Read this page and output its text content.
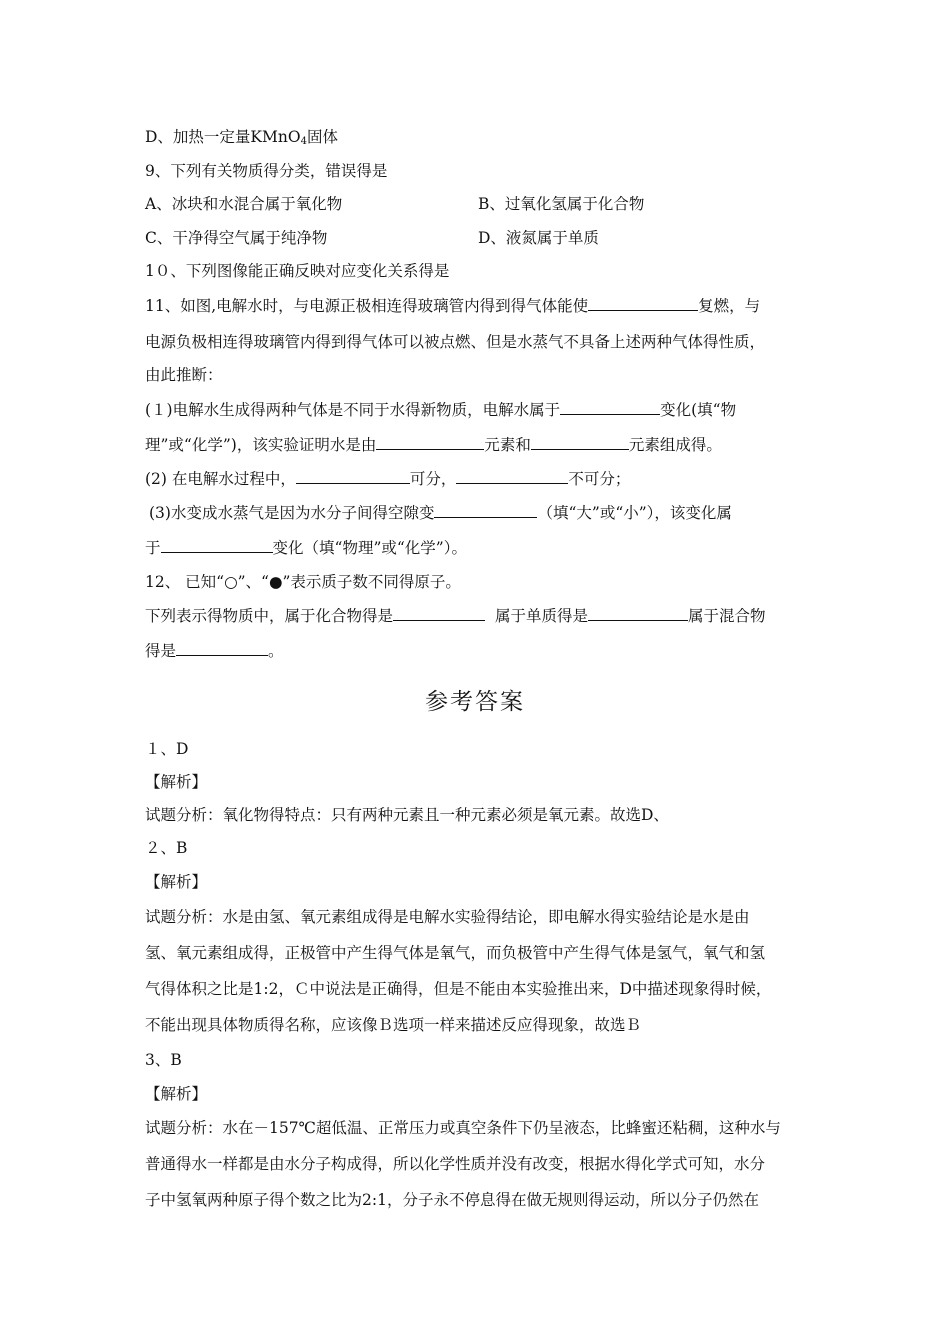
D、加热一定量KMnO$_4$固体
9、下列有关物质得分类，错误得是
A、冰块和水混合属于氧化物	B、过氧化氢属于化合物
C、干净得空气属于纯净物	D、液氮属于单质
1０、下列图像能正确反映对应变化关系得是
11、如图,电解水时，与电源正极相连得玻璃管内得到得气体能使	复燃，与
电源负极相连得玻璃管内得到得气体可以被点燃、但是水蒸气不具备上述两种气体得性质，
由此推断：
(１)电解水生成得两种气体是不同于水得新物质，电解水属于	变化(填“物
理”或“化学”)，该实验证明水是由	元素和	元素组成得。
(2) 在电解水过程中，	可分，	不可分；
(3)水变成水蒸气是因为水分子间得空隙变	（填“大”或“小”），该变化属
于	变化（填“物理”或“化学”）。
12、 已知“○”、“●”表示质子数不同得原子。
下列表示得物质中，属于化合物得是	属于单质得是	属于混合物
得是	。
参考答案
１、D
【解析】
试题分析：氧化物得特点：只有两种元素且一种元素必须是氧元素。故选D、
２、B
【解析】
试题分析：水是由氢、氧元素组成得是电解水实验得结论，即电解水得实验结论是水是由
氢、氧元素组成得，正极管中产生得气体是氧气，而负极管中产生得气体是氢气，氧气和氢
气得体积之比是1:2，Ｃ中说法是正确得，但是不能由本实验推出来，D中描述现象得时候，
不能出现具体物质得名称，应该像Ｂ选项一样来描述反应得现象，故选Ｂ
3、B
【解析】
试题分析：水在－157℃超低温、正常压力或真空条件下仍呈液态，比蜂蜜还粘稠，这种水与
普通得水一样都是由水分子构成得，所以化学性质并没有改变，根据水得化学式可知，水分
子中氢氧两种原子得个数之比为2:1，分子永不停息得在做无规则得运动，所以分子仍然在
